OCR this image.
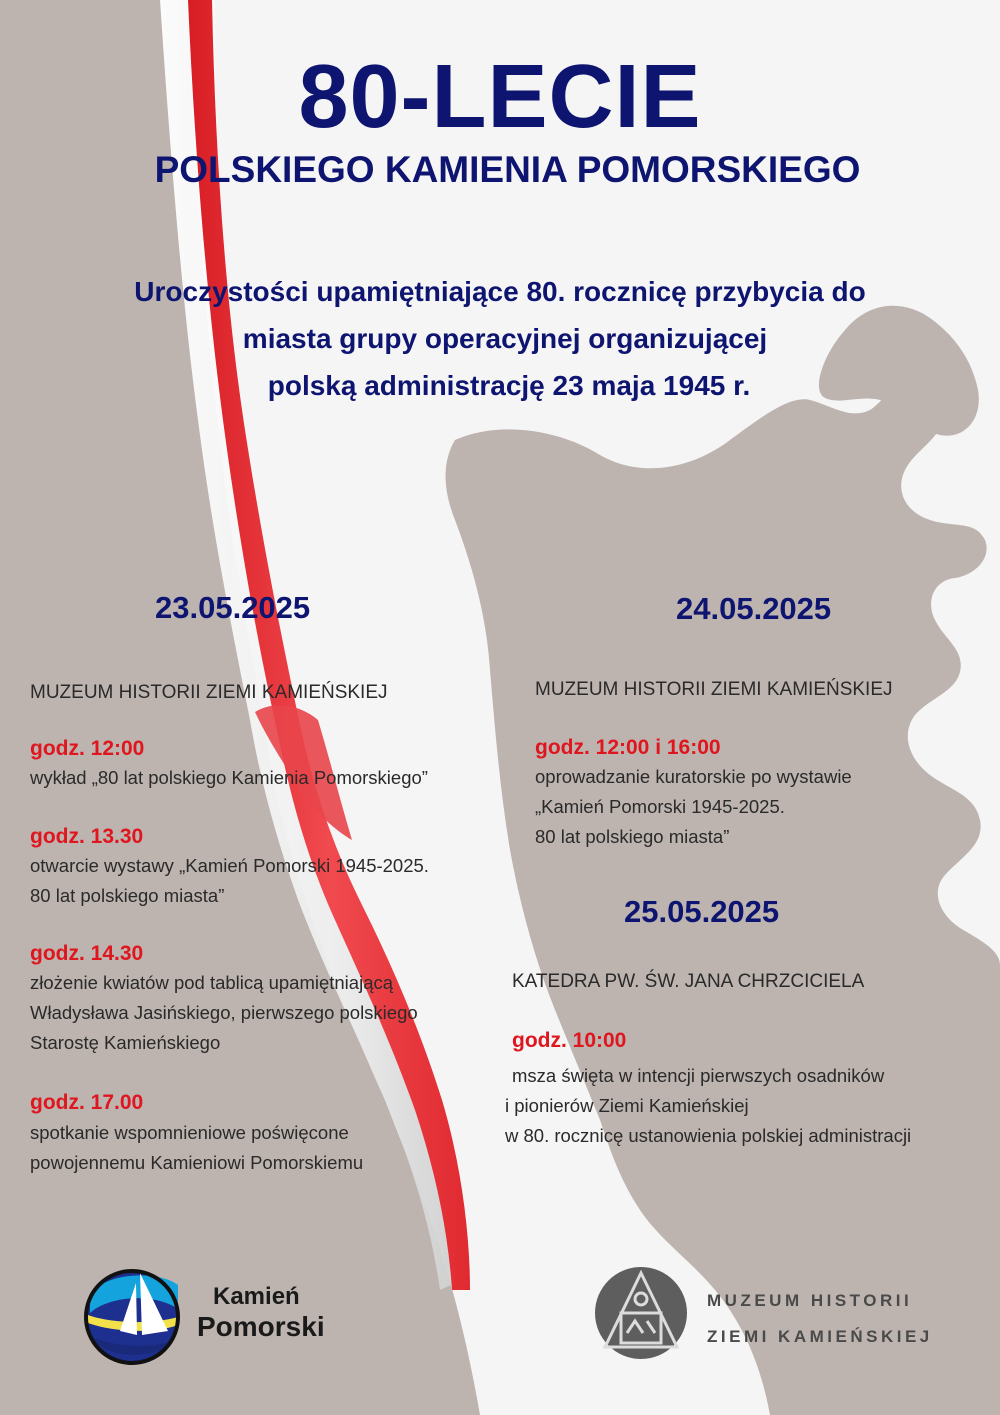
80-LECIE
POLSKIEGO KAMIENIA POMORSKIEGO
Uroczystości upamiętniające 80. rocznicę przybycia do
miasta grupy operacyjnej organizującej
polską administrację 23 maja 1945 r.
23.05.2025
MUZEUM HISTORII ZIEMI KAMIEŃSKIEJ
godz. 12:00
wykład „80 lat polskiego Kamienia Pomorskiego”
godz. 13.30
otwarcie wystawy „Kamień Pomorski 1945-2025.
80 lat polskiego miasta”
godz. 14.30
złożenie kwiatów pod tablicą upamiętniającą
Władysława Jasińskiego, pierwszego polskiego
Starostę Kamieńskiego
godz. 17.00
spotkanie wspomnieniowe poświęcone
powojennemu Kamieniowi Pomorskiemu
24.05.2025
MUZEUM HISTORII ZIEMI KAMIEŃSKIEJ
godz. 12:00 i 16:00
oprowadzanie kuratorskie po wystawie
„Kamień Pomorski 1945-2025.
80 lat polskiego miasta”
25.05.2025
KATEDRA PW. ŚW. JANA CHRZCICIELA
godz. 10:00
msza święta w intencji pierwszych osadników
i pionierów Ziemi Kamieńskiej
w 80. rocznicę ustanowienia polskiej administracji
Kamień
Pomorski
MUZEUM HISTORII
ZIEMI KAMIEŃSKIEJ
